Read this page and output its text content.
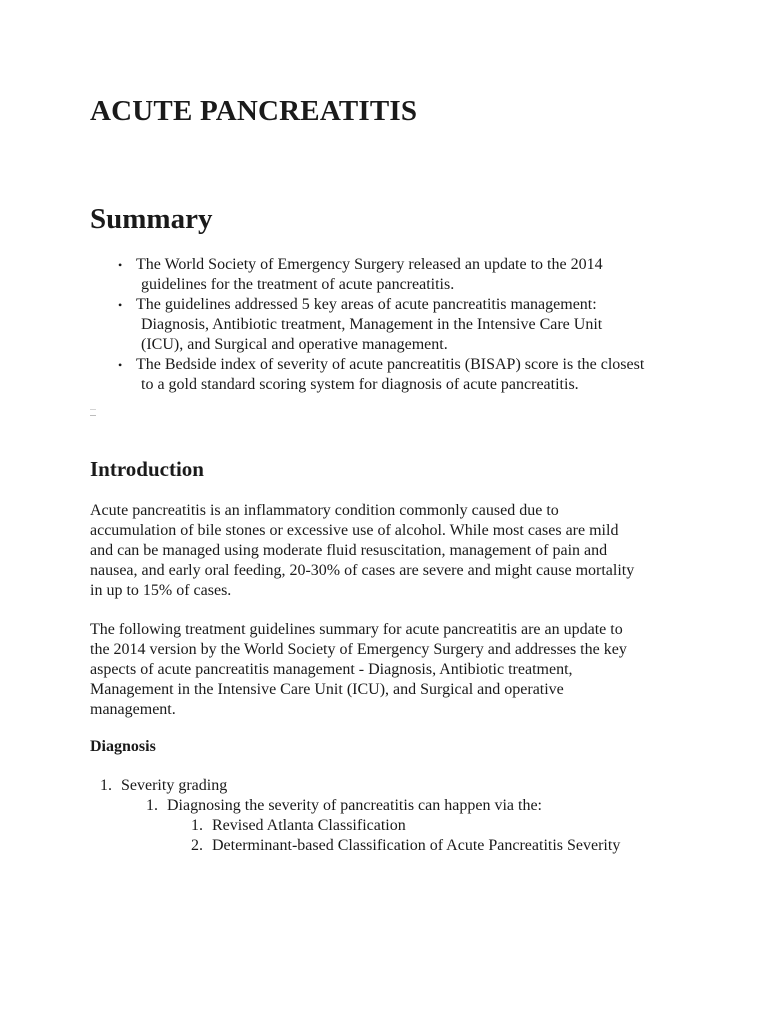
ACUTE PANCREATITIS
Summary
• The World Society of Emergency Surgery released an update to the 2014
guidelines for the treatment of acute pancreatitis.
• The guidelines addressed 5 key areas of acute pancreatitis management:
Diagnosis, Antibiotic treatment, Management in the Intensive Care Unit
(ICU), and Surgical and operative management.
• The Bedside index of severity of acute pancreatitis (BISAP) score is the closest
to a gold standard scoring system for diagnosis of acute pancreatitis.
Introduction

Acute pancreatitis is an inflammatory condition commonly caused due to
accumulation of bile stones or excessive use of alcohol. While most cases are mild
and can be managed using moderate fluid resuscitation, management of pain and
nausea, and early oral feeding, 20-30% of cases are severe and might cause mortality
in up to 15% of cases.

The following treatment guidelines summary for acute pancreatitis are an update to
the 2014 version by the World Society of Emergency Surgery and addresses the key
aspects of acute pancreatitis management - Diagnosis, Antibiotic treatment,
Management in the Intensive Care Unit (ICU), and Surgical and operative
management.

Diagnosis
1. Severity grading
1. Diagnosing the severity of pancreatitis can happen via the:
1. Revised Atlanta Classification
2. Determinant-based Classification of Acute Pancreatitis Severity
